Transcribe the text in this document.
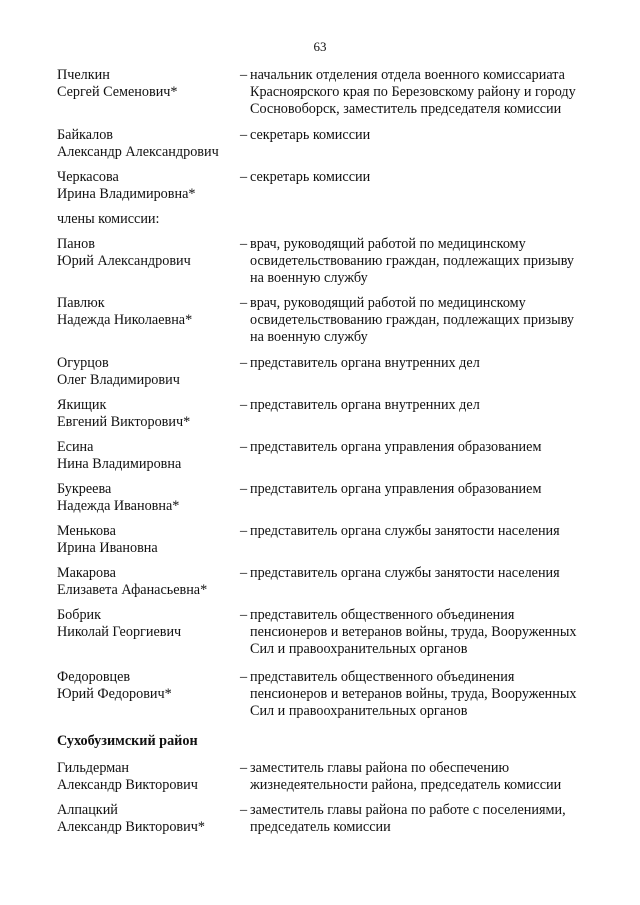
63
Пчелкин
Сергей Семенович*
– начальник отделения отдела военного комиссариата
Красноярского края по Березовскому району и городу
Сосновоборск, заместитель председателя комиссии
Байкалов
Александр Александрович
– секретарь комиссии
Черкасова
Ирина Владимировна*
– секретарь комиссии
члены комиссии:
Панов
Юрий Александрович
– врач, руководящий работой по медицинскому
освидетельствованию граждан, подлежащих призыву
на военную службу
Павлюк
Надежда Николаевна*
– врач, руководящий работой по медицинскому
освидетельствованию граждан, подлежащих призыву
на военную службу
Огурцов
Олег Владимирович
– представитель органа внутренних дел
Якищик
Евгений Викторович*
– представитель органа внутренних дел
Есина
Нина Владимировна
– представитель органа управления образованием
Букреева
Надежда Ивановна*
– представитель органа управления образованием
Менькова
Ирина Ивановна
– представитель органа службы занятости населения
Макарова
Елизавета Афанасьевна*
– представитель органа службы занятости населения
Бобрик
Николай Георгиевич
– представитель общественного объединения
пенсионеров и ветеранов войны, труда, Вооруженных
Сил и правоохранительных органов
Федоровцев
Юрий Федорович*
– представитель общественного объединения
пенсионеров и ветеранов войны, труда, Вооруженных
Сил и правоохранительных органов
Сухобузимский район
Гильдерман
Александр Викторович
– заместитель главы района по обеспечению
жизнедеятельности района, председатель комиссии
Алпацкий
Александр Викторович*
– заместитель главы района по работе с поселениями,
председатель комиссии
